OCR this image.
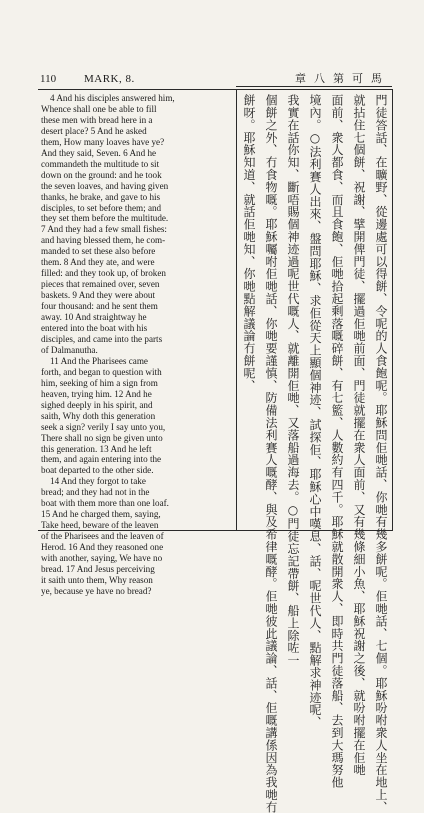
110	MARK, 8.	章八第可馬

4 And his disciples answered him,

Whence shall one be able to fill

these men with bread here in a

desert place? 5 And he asked

them, How many loaves have ye?

And they said, Seven. 6 And he

commandeth the multitude to sit

down on the ground: and he took

the seven loaves, and having given

thanks, he brake, and gave to his

disciples, to set before them; and

they set them before the multitude.

7 And they had a few small fishes:

and having blessed them, he com-

manded to set these also before

them. 8 And they ate, and were

filled: and they took up, of broken

pieces that remained over, seven

baskets. 9 And they were about

four thousand: and he sent them

away. 10 And straightway he

entered into the boat with his

disciples, and came into the parts

of Dalmanutha.

11 And the Pharisees came

forth, and began to question with

him, seeking of him a sign from

heaven, trying him. 12 And he

sighed deeply in his spirit, and

saith, Why doth this generation

seek a sign? verily I say unto you,

There shall no sign be given unto

this generation. 13 And he left

them, and again entering into the

boat departed to the other side.

14 And they forgot to take

bread; and they had not in the

boat with them more than one loaf.

15 And he charged them, saying,

Take heed, beware of the leaven

of the Pharisees and the leaven of

Herod. 16 And they reasoned one

with another, saying, We have no

bread. 17 And Jesus perceiving

it saith unto them, Why reason

ye, because ye have no bread?	門徒答話、在曠野、從邊處可以得餅、令呢的人食飽呢。耶穌問佢哋話、你哋有幾多餅呢。佢哋話、七個。耶穌吩咐衆人坐在地上、
就拈住七個餅、祝謝、擘開俾門徒、擺過佢哋前面、門徒就擺在衆人面前、又有幾條細小魚、耶穌祝謝之後、就吩咐擺在佢哋
面前、衆人都食、而且食飽、佢哋拾起剩落嘅碎餅、有七籃、人數約有四千。耶穌就散開衆人、即時共門徒落船、去到大瑪努他
境內。○法利賽人出來、盤問耶穌、求佢從天上顯個神迹、試探佢、耶穌心中嘆息、話、呢世代人、點解求神迹呢、
我實在話你知、斷唔賜個神迹過呢世代嘅人、就離開佢哋、又落船過海去。○門徒忘記帶餅、船上除咗一
個餅之外、冇食物嘅。耶穌囑咐佢哋話、你哋要謹慎、防備法利賽人嘅酵、與及希律嘅酵。佢哋彼此議論、話、佢嘅講係因為我哋冇
餅呀。耶穌知道、就話佢哋知、你哋點解議論冇餅呢、
